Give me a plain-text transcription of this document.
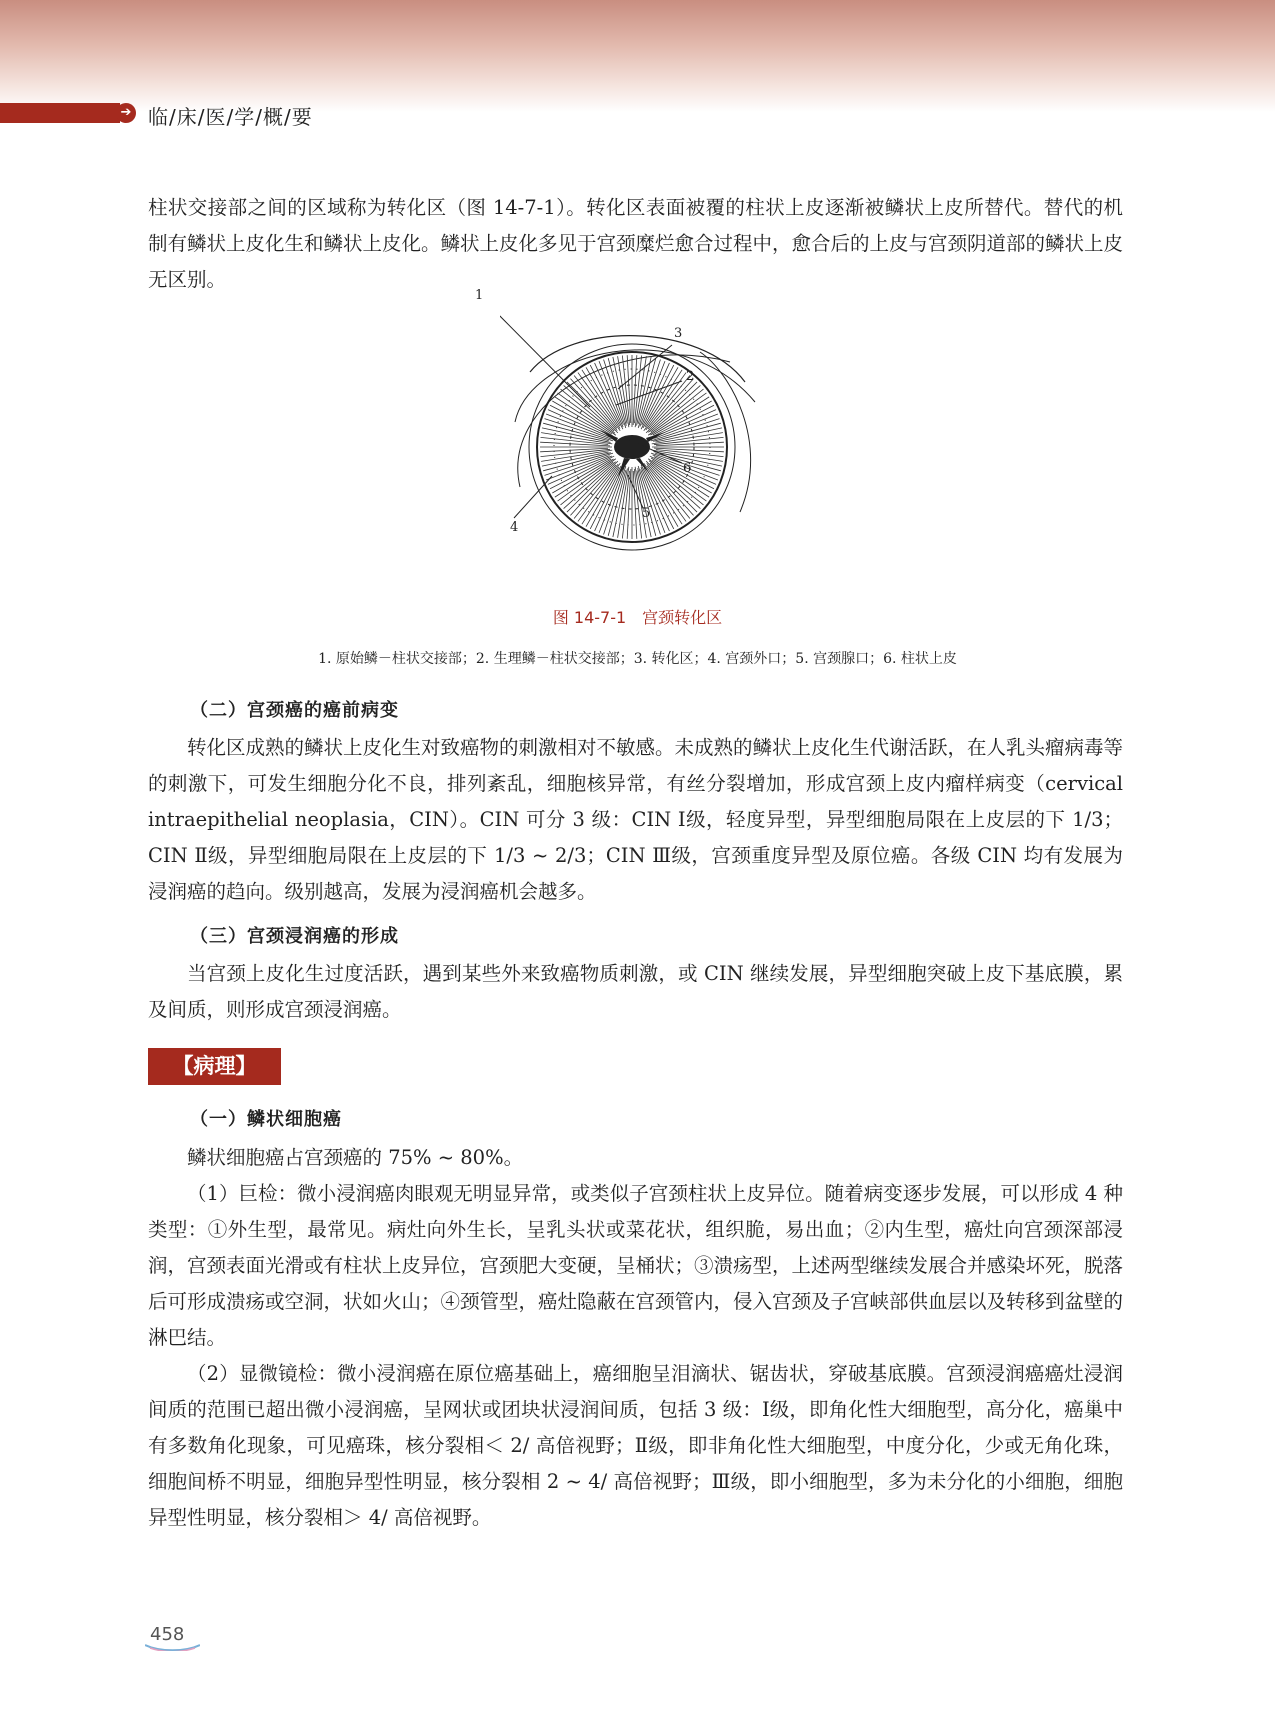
➔ 临/床/医/学/概/要
柱状交接部之间的区域称为转化区（图 14-7-1）。转化区表面被覆的柱状上皮逐渐被鳞状上皮所替代。替代的机制有鳞状上皮化生和鳞状上皮化。鳞状上皮化多见于宫颈糜烂愈合过程中，愈合后的上皮与宫颈阴道部的鳞状上皮无区别。
1
2
3
4
5
6
图 14-7-1　宫颈转化区
1. 原始鳞－柱状交接部；2. 生理鳞－柱状交接部；3. 转化区；4. 宫颈外口；5. 宫颈腺口；6. 柱状上皮
（二）宫颈癌的癌前病变
转化区成熟的鳞状上皮化生对致癌物的刺激相对不敏感。未成熟的鳞状上皮化生代谢活跃，在人乳头瘤病毒等的刺激下，可发生细胞分化不良，排列紊乱，细胞核异常，有丝分裂增加，形成宫颈上皮内瘤样病变（cervical intraepithelial neoplasia，CIN）。CIN 可分 3 级：CIN Ⅰ级，轻度异型，异型细胞局限在上皮层的下 1/3；CIN Ⅱ级，异型细胞局限在上皮层的下 1/3 ~ 2/3；CIN Ⅲ级，宫颈重度异型及原位癌。各级 CIN 均有发展为浸润癌的趋向。级别越高，发展为浸润癌机会越多。
（三）宫颈浸润癌的形成
当宫颈上皮化生过度活跃，遇到某些外来致癌物质刺激，或 CIN 继续发展，异型细胞突破上皮下基底膜，累及间质，则形成宫颈浸润癌。
【病理】
（一）鳞状细胞癌
鳞状细胞癌占宫颈癌的 75% ~ 80%。
（1）巨检：微小浸润癌肉眼观无明显异常，或类似子宫颈柱状上皮异位。随着病变逐步发展，可以形成 4 种类型：①外生型，最常见。病灶向外生长，呈乳头状或菜花状，组织脆，易出血；②内生型，癌灶向宫颈深部浸润，宫颈表面光滑或有柱状上皮异位，宫颈肥大变硬，呈桶状；③溃疡型，上述两型继续发展合并感染坏死，脱落后可形成溃疡或空洞，状如火山；④颈管型，癌灶隐蔽在宫颈管内，侵入宫颈及子宫峡部供血层以及转移到盆壁的淋巴结。
（2）显微镜检：微小浸润癌在原位癌基础上，癌细胞呈泪滴状、锯齿状，穿破基底膜。宫颈浸润癌癌灶浸润间质的范围已超出微小浸润癌，呈网状或团块状浸润间质，包括 3 级：Ⅰ级，即角化性大细胞型，高分化，癌巢中有多数角化现象，可见癌珠，核分裂相＜ 2/ 高倍视野；Ⅱ级，即非角化性大细胞型，中度分化，少或无角化珠，细胞间桥不明显，细胞异型性明显，核分裂相 2 ~ 4/ 高倍视野；Ⅲ级，即小细胞型，多为未分化的小细胞，细胞异型性明显，核分裂相＞ 4/ 高倍视野。
458
